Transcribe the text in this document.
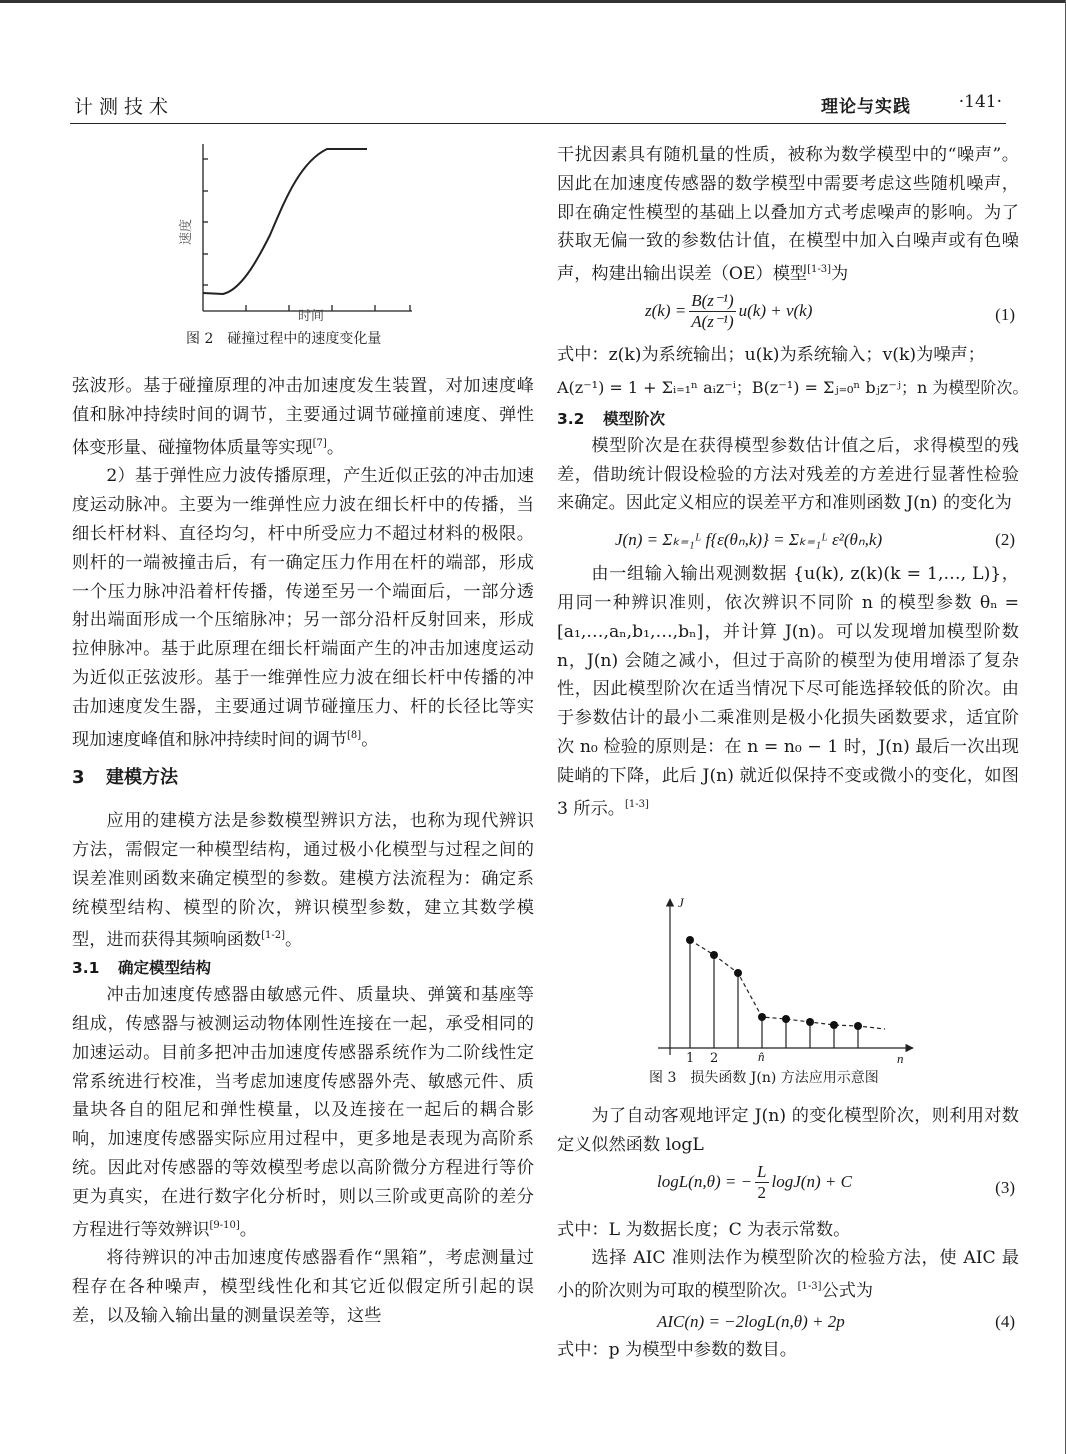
计测技术	理论与实践	·141·
速度
时间
图 2 碰撞过程中的速度变化量
弦波形。基于碰撞原理的冲击加速度发生装置，对加速度峰值和脉冲持续时间的调节，主要通过调节碰撞前速度、弹性体变形量、碰撞物体质量等实现[7]。
2）基于弹性应力波传播原理，产生近似正弦的冲击加速度运动脉冲。主要为一维弹性应力波在细长杆中的传播，当细长杆材料、直径均匀，杆中所受应力不超过材料的极限。则杆的一端被撞击后，有一确定压力作用在杆的端部，形成一个压力脉冲沿着杆传播，传递至另一个端面后，一部分透射出端面形成一个压缩脉冲；另一部分沿杆反射回来，形成拉伸脉冲。基于此原理在细长杆端面产生的冲击加速度运动为近似正弦波形。基于一维弹性应力波在细长杆中传播的冲击加速度发生器，主要通过调节碰撞压力、杆的长径比等实现加速度峰值和脉冲持续时间的调节[8]。
3 建模方法
应用的建模方法是参数模型辨识方法，也称为现代辨识方法，需假定一种模型结构，通过极小化模型与过程之间的误差准则函数来确定模型的参数。建模方法流程为：确定系统模型结构、模型的阶次，辨识模型参数，建立其数学模型，进而获得其频响函数[1-2]。
3.1 确定模型结构
冲击加速度传感器由敏感元件、质量块、弹簧和基座等组成，传感器与被测运动物体刚性连接在一起，承受相同的加速运动。目前多把冲击加速度传感器系统作为二阶线性定常系统进行校准，当考虑加速度传感器外壳、敏感元件、质量块各自的阻尼和弹性模量，以及连接在一起后的耦合影响，加速度传感器实际应用过程中，更多地是表现为高阶系统。因此对传感器的等效模型考虑以高阶微分方程进行等价更为真实，在进行数字化分析时，则以三阶或更高阶的差分方程进行等效辨识[9-10]。
将待辨识的冲击加速度传感器看作“黑箱”，考虑测量过程存在各种噪声，模型线性化和其它近似假定所引起的误差，以及输入输出量的测量误差等，这些
干扰因素具有随机量的性质，被称为数学模型中的“噪声”。因此在加速度传感器的数学模型中需要考虑这些随机噪声，即在确定性模型的基础上以叠加方式考虑噪声的影响。为了获取无偏一致的参数估计值，在模型中加入白噪声或有色噪声，构建出输出误差（OE）模型[1-3]为
$z(k) = \frac{\text{B(z⁻¹)}}{\text{A(z⁻¹)}} u(k) + v(k)$	(1)
式中：z(k)为系统输出；u(k)为系统输入；v(k)为噪声；
A(z⁻¹) = 1 + Σᵢ₌₁ⁿ aᵢz⁻ⁱ；B(z⁻¹) = Σⱼ₌₀ⁿ bⱼz⁻ʲ；n 为模型阶次。
3.2 模型阶次
模型阶次是在获得模型参数估计值之后，求得模型的残差，借助统计假设检验的方法对残差的方差进行显著性检验来确定。因此定义相应的误差平方和准则函数 J(n) 的变化为
J(n) = Σₖ₌₁ᴸ f{ε(θₙ,k)} = Σₖ₌₁ᴸ ε²(θₙ,k)	(2)
由一组输入输出观测数据 {u(k), z(k)(k = 1,…, L)}，用同一种辨识准则，依次辨识不同阶 n 的模型参数 θₙ = [a₁,…,aₙ,b₁,…,bₙ]，并计算 J(n)。可以发现增加模型阶数 n，J(n) 会随之减小，但过于高阶的模型为使用增添了复杂性，因此模型阶次在适当情况下尽可能选择较低的阶次。由于参数估计的最小二乘准则是极小化损失函数要求，适宜阶次 n₀ 检验的原则是：在 n = n₀ − 1 时，J(n) 最后一次出现陡峭的下降，此后 J(n) 就近似保持不变或微小的变化，如图 3 所示。[1-3]
J
1 2	n̂	n
图 3 损失函数 J(n) 方法应用示意图
为了自动客观地评定 J(n) 的变化模型阶次，则利用对数定义似然函数 logL
logL(n,θ) = − $\frac{L}{2} \log J(n) + C$	(3)
式中：L 为数据长度；C 为表示常数。
选择 AIC 准则法作为模型阶次的检验方法，使 AIC 最小的阶次则为可取的模型阶次。[1-3]公式为
AIC(n) = −2logL(n,θ) + 2p	(4)
式中：p 为模型中参数的数目。
